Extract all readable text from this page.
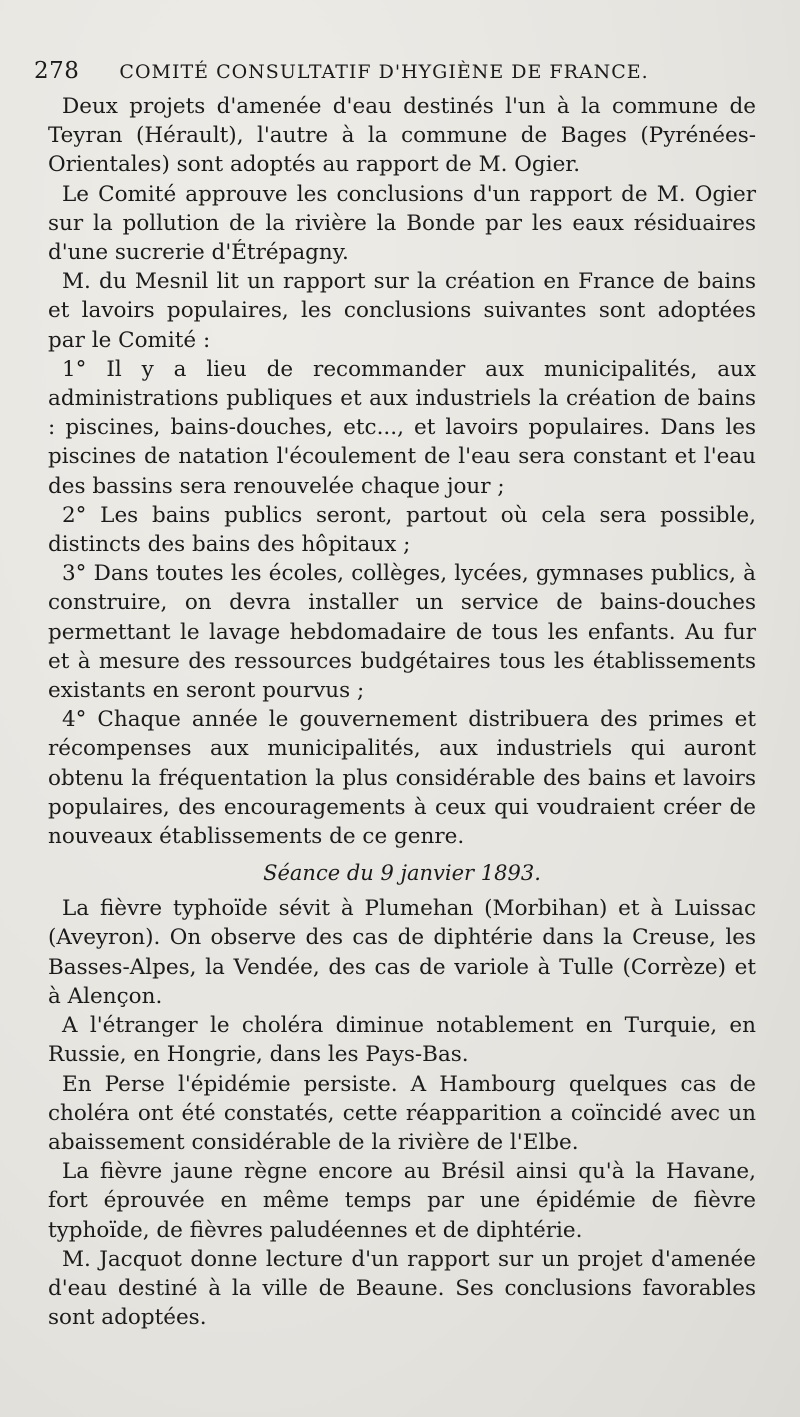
278 COMITÉ CONSULTATIF D'HYGIÈNE DE FRANCE.

Deux projets d'amenée d'eau destinés l'un à la commune de Teyran (Hérault), l'autre à la commune de Bages (Pyrénées-Orientales) sont adoptés au rapport de M. Ogier.

Le Comité approuve les conclusions d'un rapport de M. Ogier sur la pollution de la rivière la Bonde par les eaux résiduaires d'une sucrerie d'Étrépagny.

M. du Mesnil lit un rapport sur la création en France de bains et lavoirs populaires, les conclusions suivantes sont adoptées par le Comité :

1° Il y a lieu de recommander aux municipalités, aux administrations publiques et aux industriels la création de bains : piscines, bains-douches, etc..., et lavoirs populaires. Dans les piscines de natation l'écoulement de l'eau sera constant et l'eau des bassins sera renouvelée chaque jour ;

2° Les bains publics seront, partout où cela sera possible, distincts des bains des hôpitaux ;

3° Dans toutes les écoles, collèges, lycées, gymnases publics, à construire, on devra installer un service de bains-douches permettant le lavage hebdomadaire de tous les enfants. Au fur et à mesure des ressources budgétaires tous les établissements existants en seront pourvus ;

4° Chaque année le gouvernement distribuera des primes et récompenses aux municipalités, aux industriels qui auront obtenu la fréquentation la plus considérable des bains et lavoirs populaires, des encouragements à ceux qui voudraient créer de nouveaux établissements de ce genre.

Séance du 9 janvier 1893.

La fièvre typhoïde sévit à Plumehan (Morbihan) et à Luissac (Aveyron). On observe des cas de diphtérie dans la Creuse, les Basses-Alpes, la Vendée, des cas de variole à Tulle (Corrèze) et à Alençon.

A l'étranger le choléra diminue notablement en Turquie, en Russie, en Hongrie, dans les Pays-Bas.

En Perse l'épidémie persiste. A Hambourg quelques cas de choléra ont été constatés, cette réapparition a coïncidé avec un abaissement considérable de la rivière de l'Elbe.

La fièvre jaune règne encore au Brésil ainsi qu'à la Havane, fort éprouvée en même temps par une épidémie de fièvre typhoïde, de fièvres paludéennes et de diphtérie.

M. Jacquot donne lecture d'un rapport sur un projet d'amenée d'eau destiné à la ville de Beaune. Ses conclusions favorables sont adoptées.
